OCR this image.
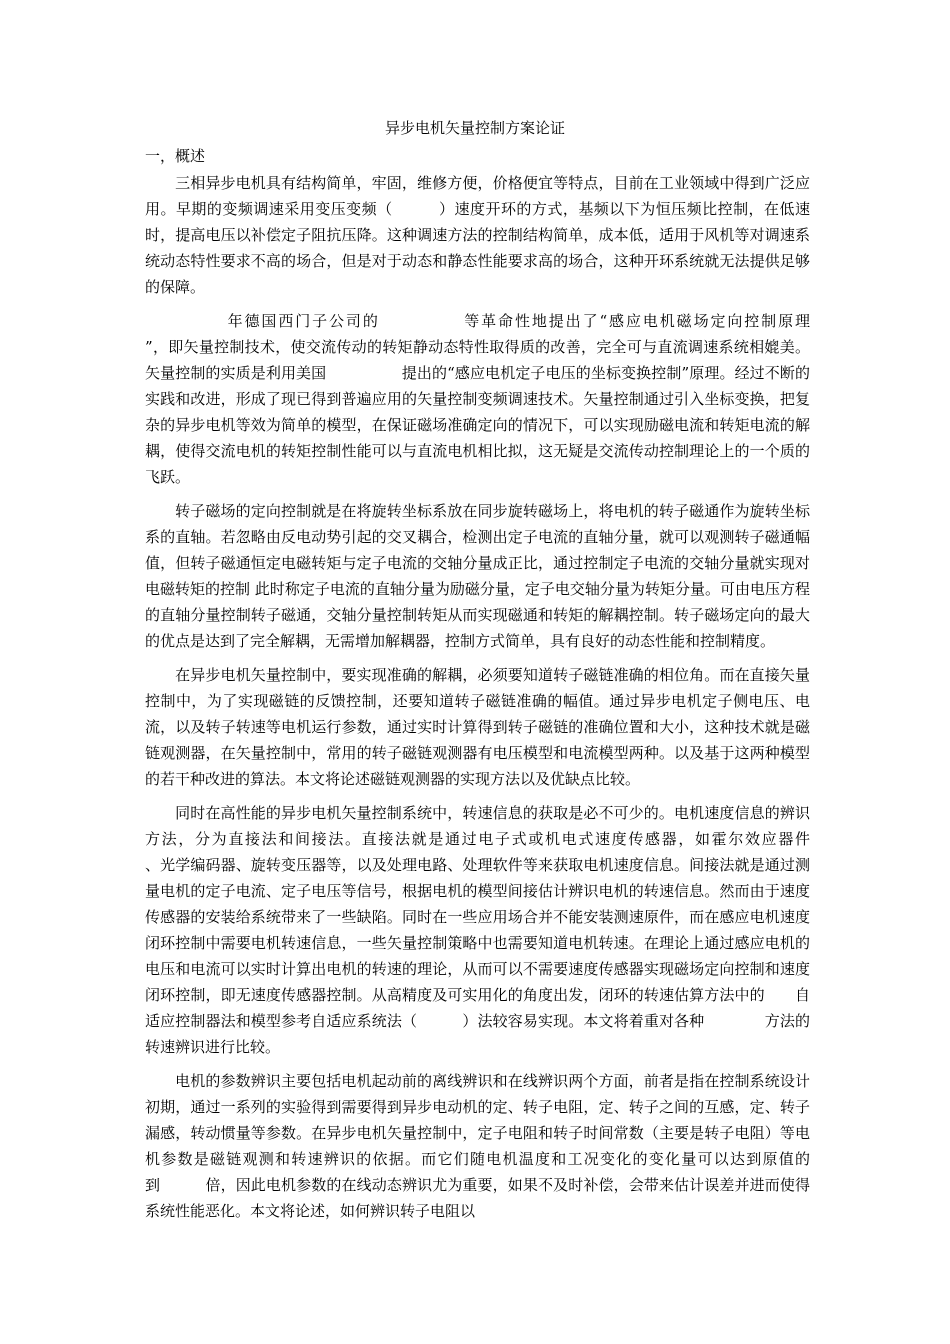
异步电机矢量控制方案论证
一，概述

三相异步电机具有结构简单，牢固，维修方便，价格便宜等特点，目前在工业领域中得到广泛应用。早期的变频调速采用变压变频（　　　）速度开环的方式，基频以下为恒压频比控制，在低速时，提高电压以补偿定子阻抗压降。这种调速方法的控制结构简单，成本低，适用于风机等对调速系统动态特性要求不高的场合，但是对于动态和静态性能要求高的场合，这种开环系统就无法提供足够的保障。

　　　年德国西门子公司的　　　　　等革命性地提出了“感应电机磁场定向控制原理　　　　　　　”，即矢量控制技术，使交流传动的转矩静动态特性取得质的改善，完全可与直流调速系统相媲美。矢量控制的实质是利用美国　　　　　提出的“感应电机定子电压的坐标变换控制”原理。经过不断的实践和改进，形成了现已得到普遍应用的矢量控制变频调速技术。矢量控制通过引入坐标变换，把复杂的异步电机等效为简单的模型，在保证磁场准确定向的情况下，可以实现励磁电流和转矩电流的解耦，使得交流电机的转矩控制性能可以与直流电机相比拟，这无疑是交流传动控制理论上的一个质的飞跃。

转子磁场的定向控制就是在将旋转坐标系放在同步旋转磁场上，将电机的转子磁通作为旋转坐标系的直轴。若忽略由反电动势引起的交叉耦合，检测出定子电流的直轴分量，就可以观测转子磁通幅值，但转子磁通恒定电磁转矩与定子电流的交轴分量成正比，通过控制定子电流的交轴分量就实现对电磁转矩的控制 此时称定子电流的直轴分量为励磁分量，定子电交轴分量为转矩分量。可由电压方程的直轴分量控制转子磁通，交轴分量控制转矩从而实现磁通和转矩的解耦控制。转子磁场定向的最大的优点是达到了完全解耦，无需增加解耦器，控制方式简单，具有良好的动态性能和控制精度。

在异步电机矢量控制中，要实现准确的解耦，必须要知道转子磁链准确的相位角。而在直接矢量控制中，为了实现磁链的反馈控制，还要知道转子磁链准确的幅值。通过异步电机定子侧电压、电流，以及转子转速等电机运行参数，通过实时计算得到转子磁链的准确位置和大小，这种技术就是磁链观测器，在矢量控制中，常用的转子磁链观测器有电压模型和电流模型两种。以及基于这两种模型的若干种改进的算法。本文将论述磁链观测器的实现方法以及优缺点比较。

同时在高性能的异步电机矢量控制系统中，转速信息的获取是必不可少的。电机速度信息的辨识方法，分为直接法和间接法。直接法就是通过电子式或机电式速度传感器，如霍尔效应器件　　　　、光学编码器、旋转变压器等，以及处理电路、处理软件等来获取电机速度信息。间接法就是通过测量电机的定子电流、定子电压等信号，根据电机的模型间接估计辨识电机的转速信息。然而由于速度传感器的安装给系统带来了一些缺陷。同时在一些应用场合并不能安装测速原件，而在感应电机速度闭环控制中需要电机转速信息，一些矢量控制策略中也需要知道电机转速。在理论上通过感应电机的电压和电流可以实时计算出电机的转速的理论，从而可以不需要速度传感器实现磁场定向控制和速度闭环控制，即无速度传感器控制。从高精度及可实用化的角度出发，闭环的转速估算方法中的　　自适应控制器法和模型参考自适应系统法（　　　）法较容易实现。本文将着重对各种　　　　方法的转速辨识进行比较。

电机的参数辨识主要包括电机起动前的离线辨识和在线辨识两个方面，前者是指在控制系统设计初期，通过一系列的实验得到需要得到异步电动机的定、转子电阻，定、转子之间的互感，定、转子漏感，转动惯量等参数。在异步电机矢量控制中，定子电阻和转子时间常数（主要是转子电阻）等电机参数是磁链观测和转速辨识的依据。而它们随电机温度和工况变化的变化量可以达到原值的　　　到　　　倍，因此电机参数的在线动态辨识尤为重要，如果不及时补偿，会带来估计误差并进而使得系统性能恶化。本文将论述，如何辨识转子电阻以
